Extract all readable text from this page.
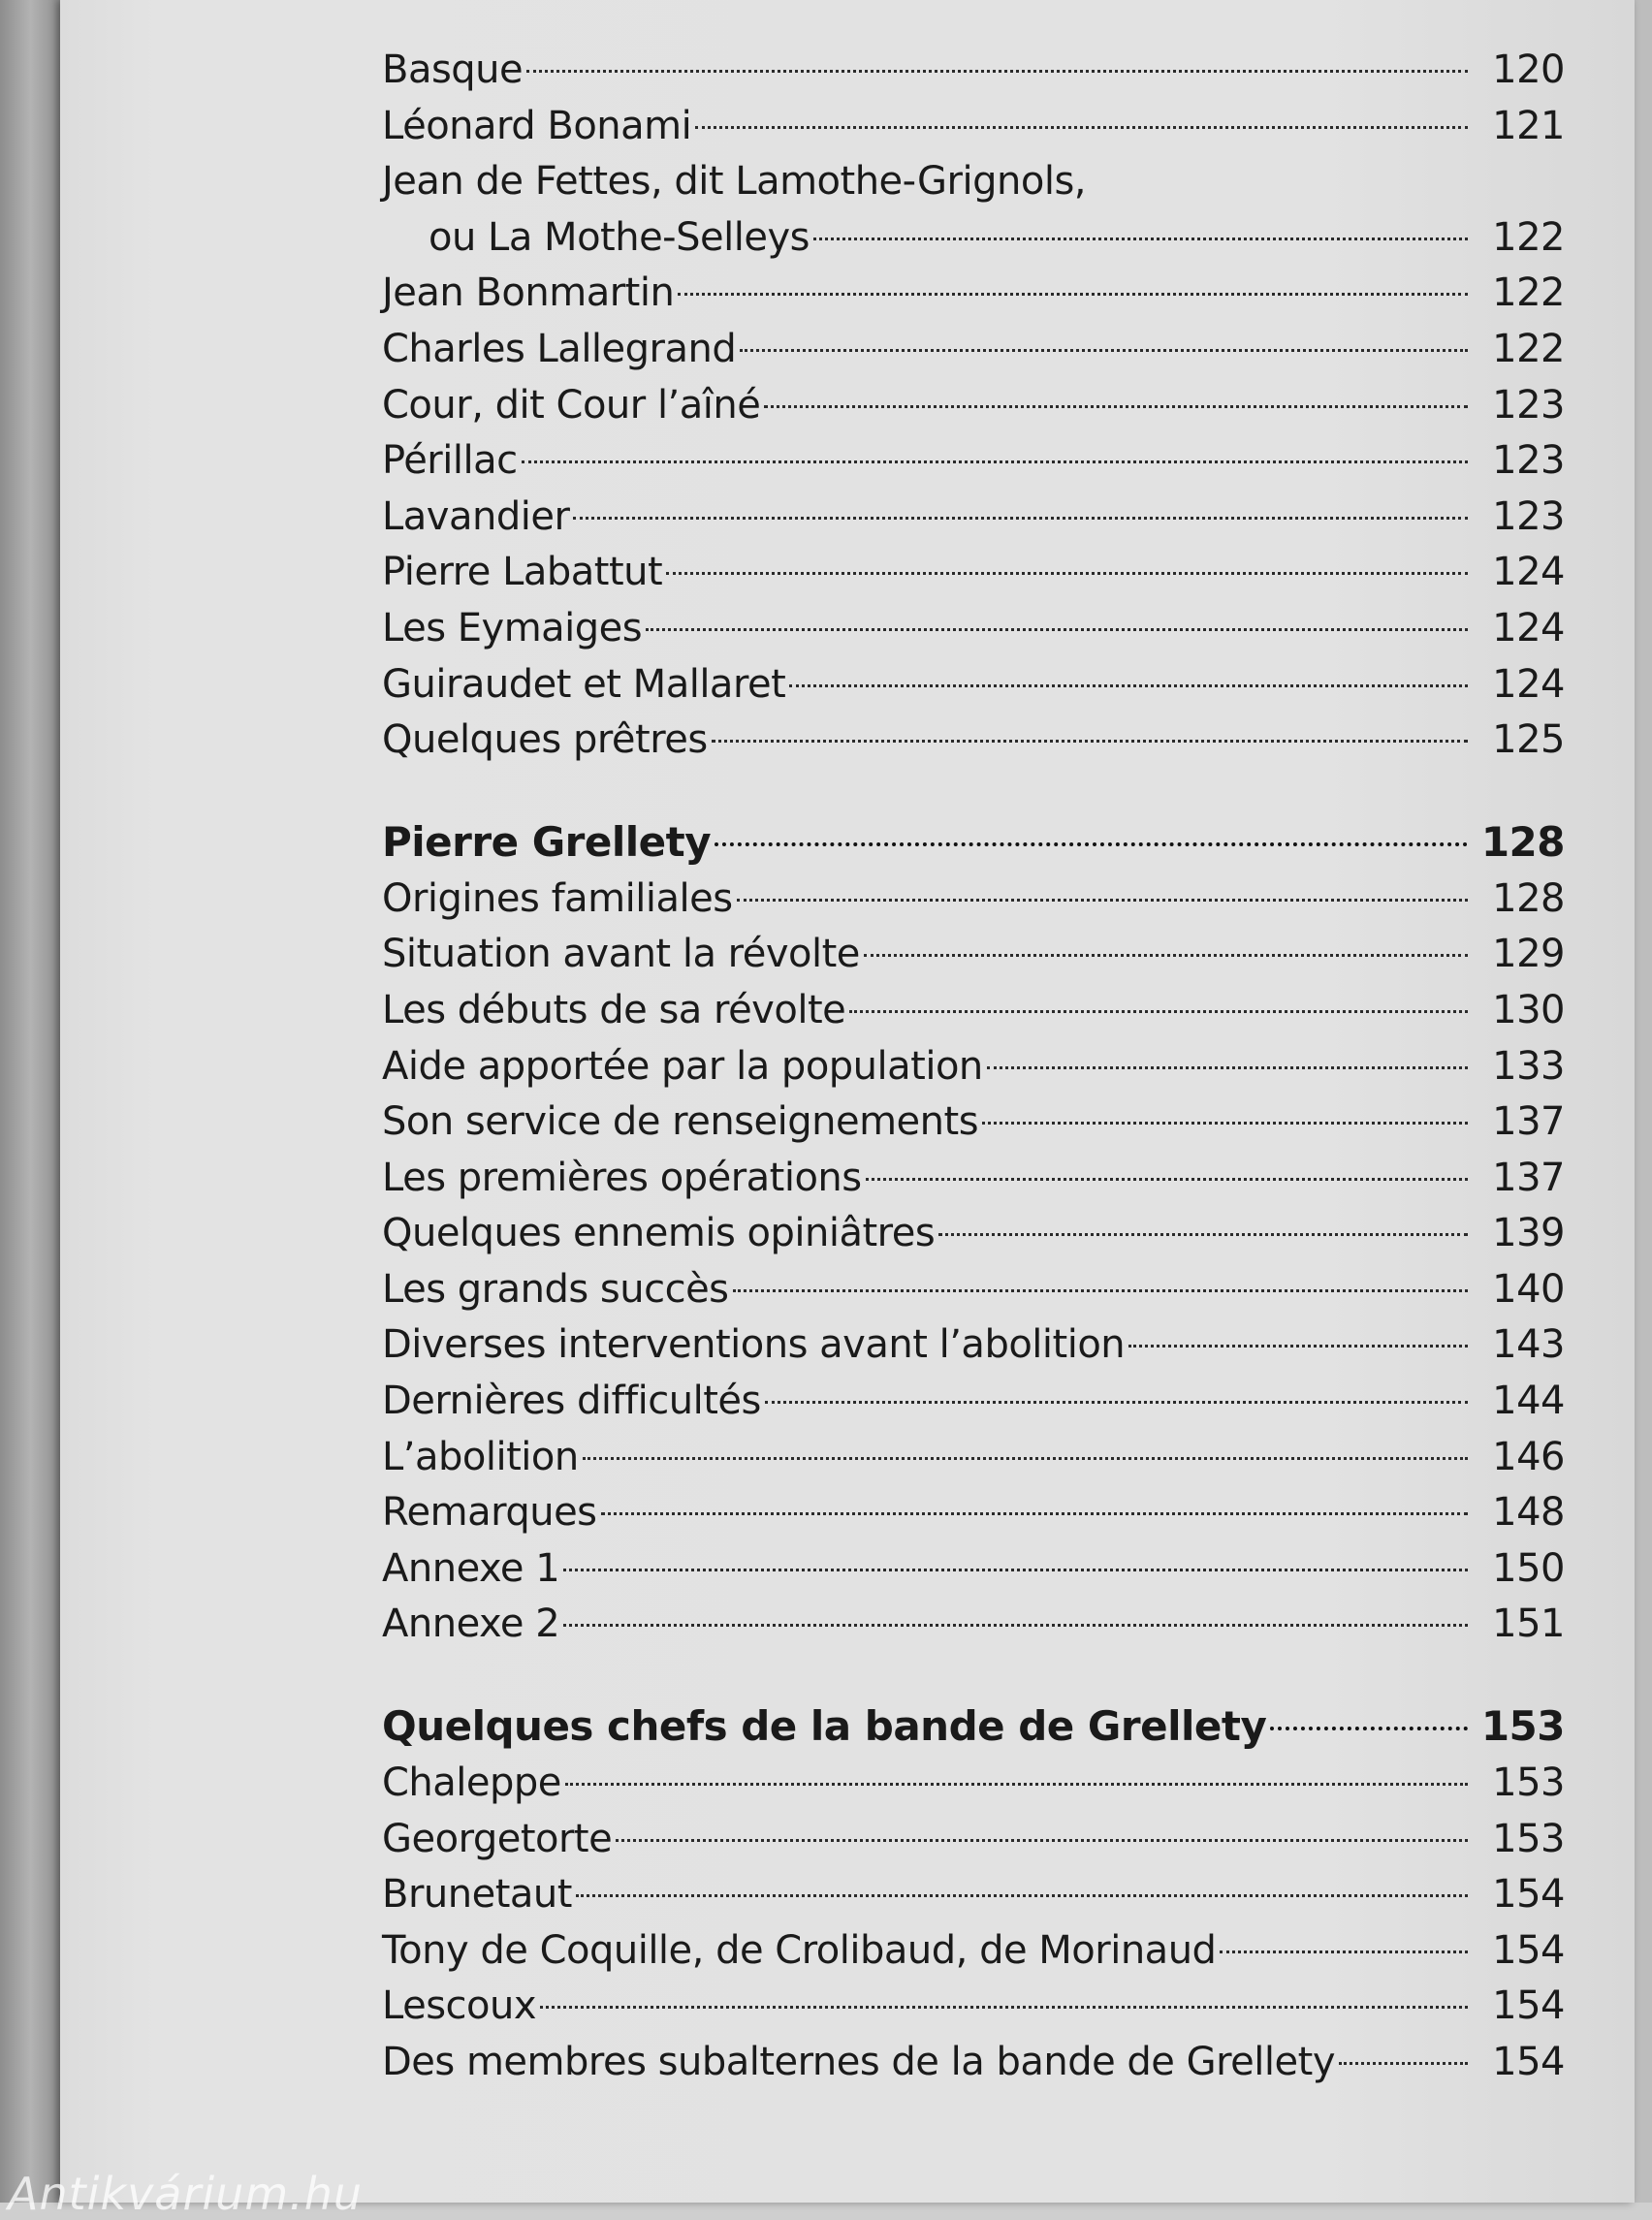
Basque	120
Léonard Bonami	121
Jean de Fettes, dit Lamothe-Grignols,
ou La Mothe-Selleys	122
Jean Bonmartin	122
Charles Lallegrand	122
Cour, dit Cour l’aîné	123
Périllac	123
Lavandier	123
Pierre Labattut	124
Les Eymaiges	124
Guiraudet et Mallaret	124
Quelques prêtres	125
Pierre Grellety	128
Origines familiales	128
Situation avant la révolte	129
Les débuts de sa révolte	130
Aide apportée par la population	133
Son service de renseignements	137
Les premières opérations	137
Quelques ennemis opiniâtres	139
Les grands succès	140
Diverses interventions avant l’abolition	143
Dernières difficultés	144
L’abolition	146
Remarques	148
Annexe 1	150
Annexe 2	151
Quelques chefs de la bande de Grellety	153
Chaleppe	153
Georgetorte	153
Brunetaut	154
Tony de Coquille, de Crolibaud, de Morinaud	154
Lescoux	154
Des membres subalternes de la bande de Grellety	154
Antikvárium.hu
